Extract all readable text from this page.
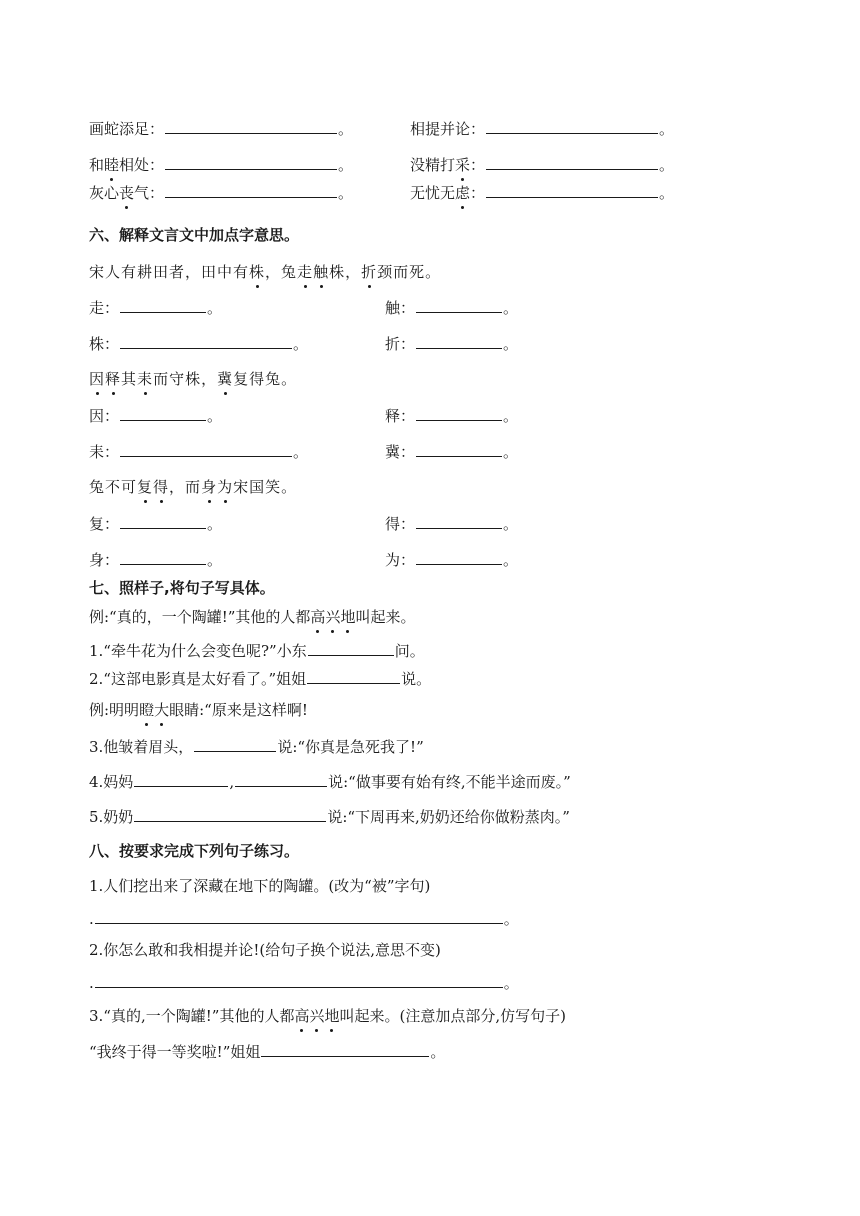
画蛇添足：	。	相提并论：	。
和睦相处：	。	没精打采：	。
灰心丧气：	。	无忧无虑：	。
六、解释文言文中加点字意思。
宋人有耕田者，田中有株，兔走触株，折颈而死。
走：	。	触：	。
株：	。	折：	。
因释其耒而守株，冀复得兔。
因：	。	释：	。
耒：	。	冀：	。
兔不可复得，而身为宋国笑。
复：	。	得：	。
身：	。	为：	。
七、照样子,将句子写具体。
例:“真的，一个陶罐!”其他的人都高兴地叫起来。
1.“牵牛花为什么会变色呢?”小东	问。
2.“这部电影真是太好看了。”姐姐	说。
例:明明瞪大眼睛:“原来是这样啊!
3.他皱着眉头，	说:“你真是急死我了!”
4.妈妈	,	说:“做事要有始有终,不能半途而废。”
5.奶奶	说:“下周再来,奶奶还给你做粉蒸肉。”
八、按要求完成下列句子练习。
1.人们挖出来了深藏在地下的陶罐。(改为“被”字句)
.	。
2.你怎么敢和我相提并论!(给句子换个说法,意思不变)
.	。
3.“真的,一个陶罐!”其他的人都高兴地叫起来。(注意加点部分,仿写句子)
“我终于得一等奖啦!”姐姐	。
